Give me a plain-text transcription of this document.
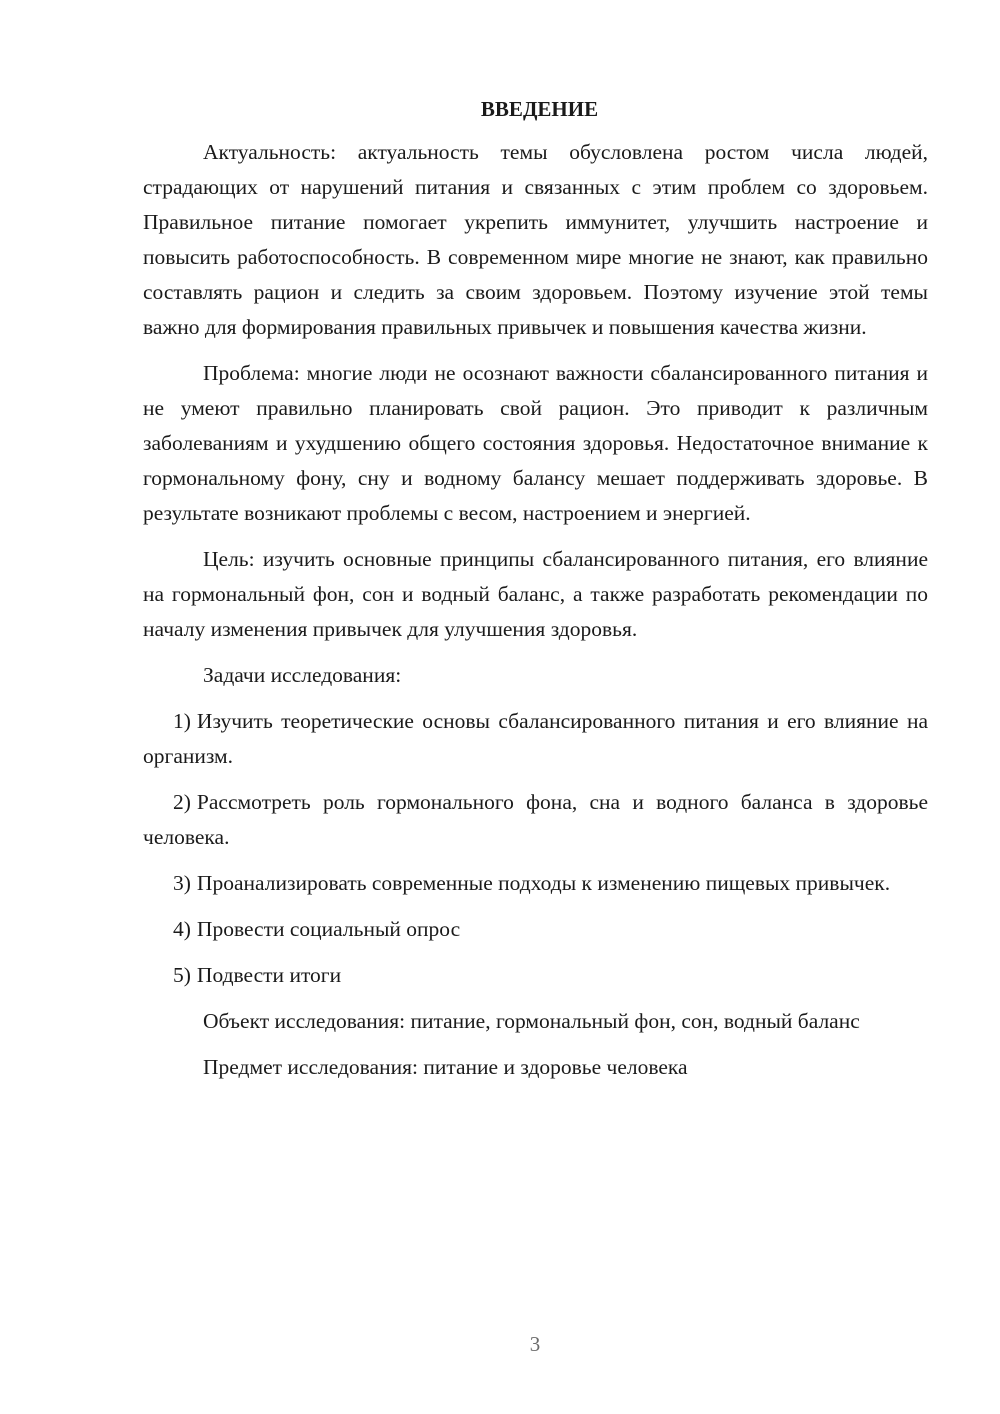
ВВЕДЕНИЕ

Актуальность: актуальность темы обусловлена ростом числа людей, страдающих от нарушений питания и связанных с этим проблем со здоровьем. Правильное питание помогает укрепить иммунитет, улучшить настроение и повысить работоспособность. В современном мире многие не знают, как правильно составлять рацион и следить за своим здоровьем. Поэтому изучение этой темы важно для формирования правильных привычек и повышения качества жизни.

Проблема: многие люди не осознают важности сбалансированного питания и не умеют правильно планировать свой рацион. Это приводит к различным заболеваниям и ухудшению общего состояния здоровья. Недостаточное внимание к гормональному фону, сну и водному балансу мешает поддерживать здоровье. В результате возникают проблемы с весом, настроением и энергией.

Цель: изучить основные принципы сбалансированного питания, его влияние на гормональный фон, сон и водный баланс, а также разработать рекомендации по началу изменения привычек для улучшения здоровья.

Задачи исследования:

1) Изучить теоретические основы сбалансированного питания и его влияние на организм.

2) Рассмотреть роль гормонального фона, сна и водного баланса в здоровье человека.

3) Проанализировать современные подходы к изменению пищевых привычек.

4) Провести социальный опрос

5) Подвести итоги

Объект исследования: питание, гормональный фон, сон, водный баланс

Предмет исследования: питание и здоровье человека

3
